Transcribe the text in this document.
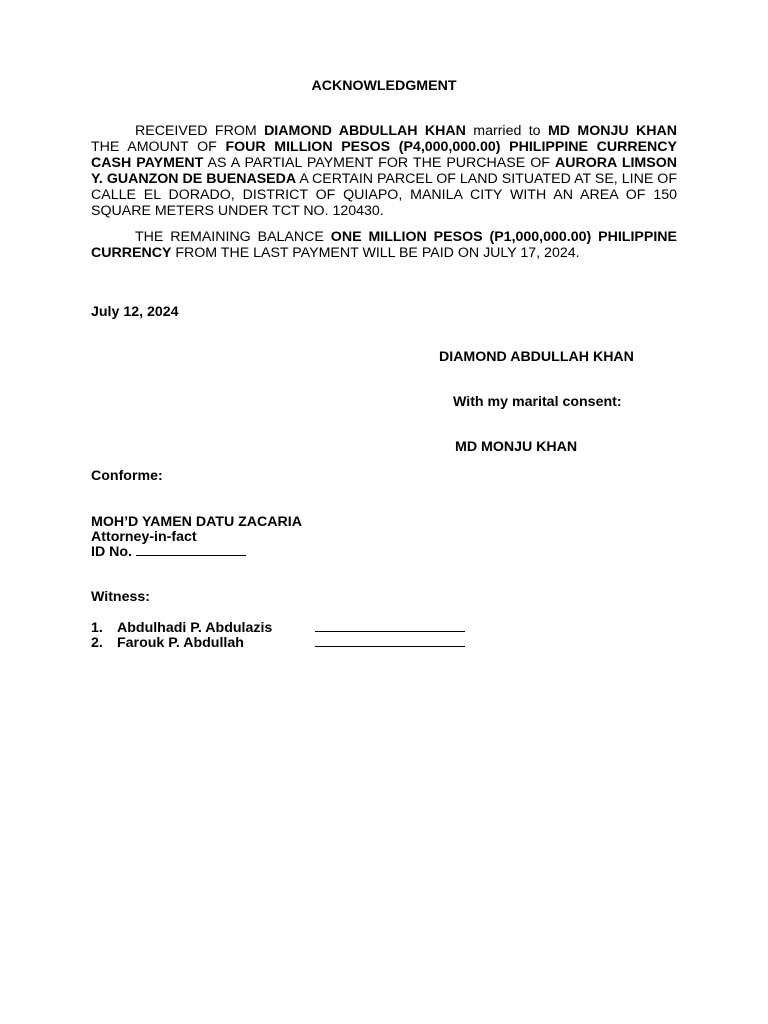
ACKNOWLEDGMENT
RECEIVED FROM DIAMOND ABDULLAH KHAN married to MD MONJU KHAN THE AMOUNT OF FOUR MILLION PESOS (P4,000,000.00) PHILIPPINE CURRENCY CASH PAYMENT AS A PARTIAL PAYMENT FOR THE PURCHASE OF AURORA LIMSON Y. GUANZON DE BUENASEDA A CERTAIN PARCEL OF LAND SITUATED AT SE, LINE OF CALLE EL DORADO, DISTRICT OF QUIAPO, MANILA CITY WITH AN AREA OF 150 SQUARE METERS UNDER TCT NO. 120430.
THE REMAINING BALANCE ONE MILLION PESOS (P1,000,000.00) PHILIPPINE CURRENCY FROM THE LAST PAYMENT WILL BE PAID ON JULY 17, 2024.
July 12, 2024
DIAMOND ABDULLAH KHAN
With my marital consent:
MD MONJU KHAN
Conforme:
MOH’D YAMEN DATU ZACARIA
Attorney-in-fact
ID No.
Witness:
1. Abdulhadi P. Abdulazis
2. Farouk P. Abdullah
